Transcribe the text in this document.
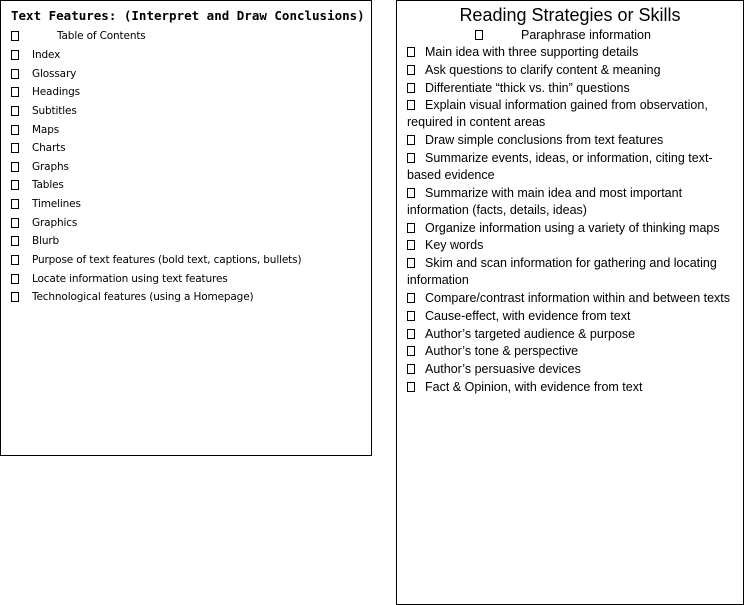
Text Features: (Interpret and Draw Conclusions)
Table of Contents
Index
Glossary
Headings
Subtitles
Maps
Charts
Graphs
Tables
Timelines
Graphics
Blurb
Purpose of text features (bold text, captions, bullets)
Locate information using text features
Technological features (using a Homepage)
Reading Strategies or Skills
Paraphrase information
Main idea with three supporting details
Ask questions to clarify content & meaning
Differentiate “thick vs. thin” questions
Explain visual information gained from observation, required in content areas
Draw simple conclusions from text features
Summarize events, ideas, or information, citing text-based evidence
Summarize with main idea and most important information (facts, details, ideas)
Organize information using a variety of thinking maps
Key words
Skim and scan information for gathering and locating information
Compare/contrast information within and between texts
Cause-effect, with evidence from text
Author’s targeted audience & purpose
Author’s tone & perspective
Author’s persuasive devices
Fact & Opinion, with evidence from text
